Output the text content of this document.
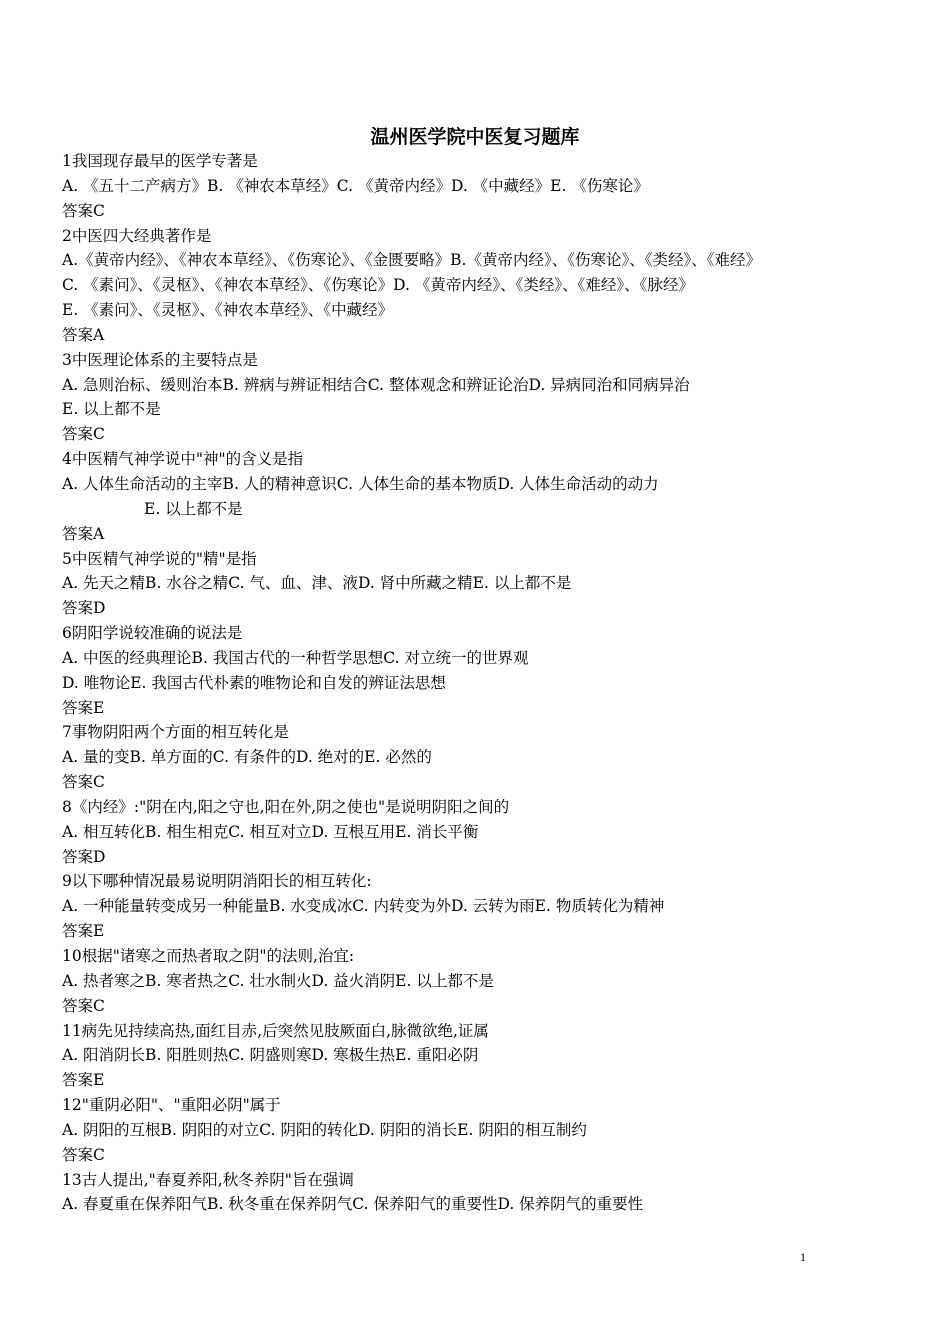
温州医学院中医复习题库
1我国现存最早的医学专著是
A. 《五十二产病方》B. 《神农本草经》C. 《黄帝内经》D. 《中藏经》E. 《伤寒论》
答案C
2中医四大经典著作是
A.《黄帝内经》、《神农本草经》、《伤寒论》、《金匮要略》B.《黄帝内经》、《伤寒论》、《类经》、《难经》
C. 《素问》、《灵枢》、《神农本草经》、《伤寒论》D. 《黄帝内经》、《类经》、《难经》、《脉经》
E. 《素问》、《灵枢》、《神农本草经》、《中藏经》
答案A
3中医理论体系的主要特点是
A. 急则治标、缓则治本B. 辨病与辨证相结合C. 整体观念和辨证论治D. 异病同治和同病异治
E. 以上都不是
答案C
4中医精气神学说中"神"的含义是指
A. 人体生命活动的主宰B. 人的精神意识C. 人体生命的基本物质D. 人体生命活动的动力
E. 以上都不是
答案A
5中医精气神学说的"精"是指
A. 先天之精B. 水谷之精C. 气、血、津、液D. 肾中所藏之精E. 以上都不是
答案D
6阴阳学说较准确的说法是
A. 中医的经典理论B. 我国古代的一种哲学思想C. 对立统一的世界观
D. 唯物论E. 我国古代朴素的唯物论和自发的辨证法思想
答案E
7事物阴阳两个方面的相互转化是
A. 量的变B. 单方面的C. 有条件的D. 绝对的E. 必然的
答案C
8《内经》:"阴在内,阳之守也,阳在外,阴之使也"是说明阴阳之间的
A. 相互转化B. 相生相克C. 相互对立D. 互根互用E. 消长平衡
答案D
9以下哪种情况最易说明阴消阳长的相互转化:
A. 一种能量转变成另一种能量B. 水变成冰C. 内转变为外D. 云转为雨E. 物质转化为精神
答案E
10根据"诸寒之而热者取之阴"的法则,治宜:
A. 热者寒之B. 寒者热之C. 壮水制火D. 益火消阴E. 以上都不是
答案C
11病先见持续高热,面红目赤,后突然见肢厥面白,脉微欲绝,证属
A. 阳消阴长B. 阳胜则热C. 阴盛则寒D. 寒极生热E. 重阳必阴
答案E
12"重阴必阳"、"重阳必阴"属于
A. 阴阳的互根B. 阴阳的对立C. 阴阳的转化D. 阴阳的消长E. 阴阳的相互制约
答案C
13古人提出,"春夏养阳,秋冬养阴"旨在强调
A. 春夏重在保养阳气B. 秋冬重在保养阴气C. 保养阳气的重要性D. 保养阴气的重要性
1
